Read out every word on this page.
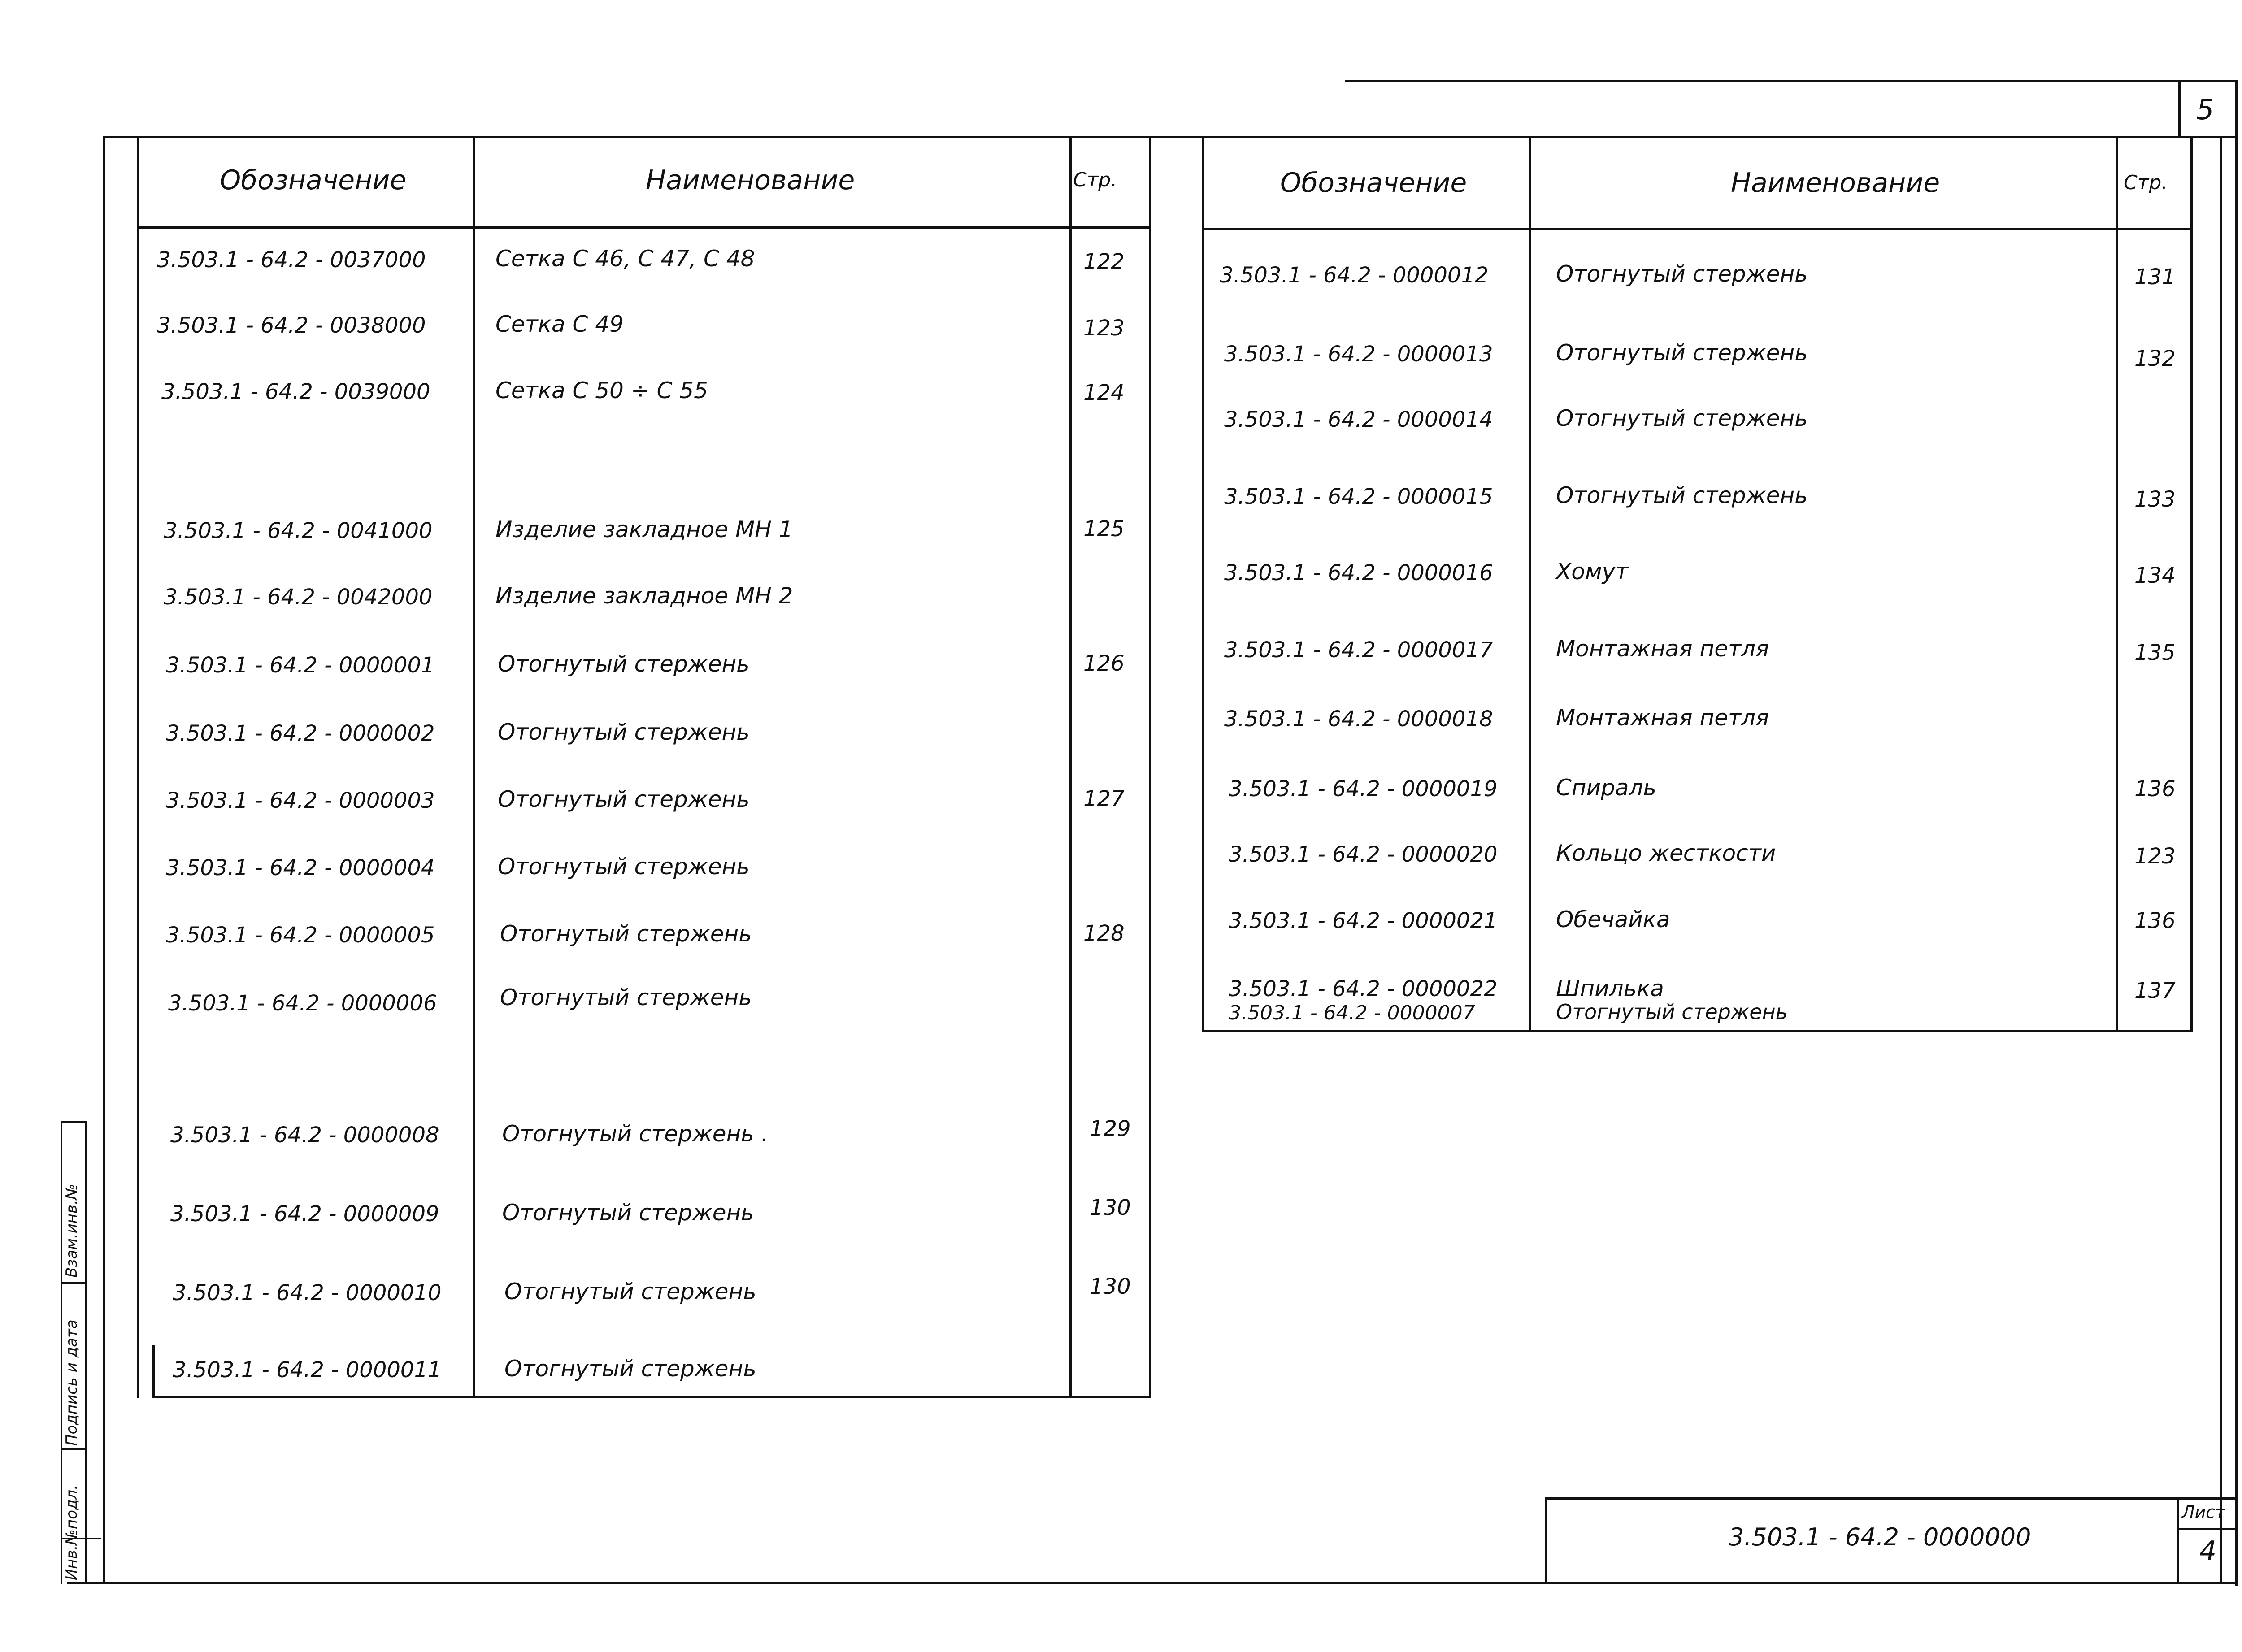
5
Взам.инв.№
Подпись и дата
Инв.№подл.
Обозначение	Наименование	Стр.
3.503.1 - 64.2 - 0037000	Сетка С 46, С 47, С 48	122
3.503.1 - 64.2 - 0038000	Сетка С 49	123
3.503.1 - 64.2 - 0039000	Сетка С 50 ÷ С 55	124
3.503.1 - 64.2 - 0041000	Изделие закладное МН 1	125
3.503.1 - 64.2 - 0042000	Изделие закладное МН 2
3.503.1 - 64.2 - 0000001	Отогнутый стержень	126
3.503.1 - 64.2 - 0000002	Отогнутый стержень
3.503.1 - 64.2 - 0000003	Отогнутый стержень	127
3.503.1 - 64.2 - 0000004	Отогнутый стержень
3.503.1 - 64.2 - 0000005	Отогнутый стержень	128
3.503.1 - 64.2 - 0000006	Отогнутый стержень
3.503.1 - 64.2 - 0000008	Отогнутый стержень .	129
3.503.1 - 64.2 - 0000009	Отогнутый стержень	130
3.503.1 - 64.2 - 0000010	Отогнутый стержень	130
3.503.1 - 64.2 - 0000011	Отогнутый стержень
Обозначение	Наименование	Стр.
3.503.1 - 64.2 - 0000012	Отогнутый стержень	131
3.503.1 - 64.2 - 0000013	Отогнутый стержень	132
3.503.1 - 64.2 - 0000014	Отогнутый стержень
3.503.1 - 64.2 - 0000015	Отогнутый стержень	133
3.503.1 - 64.2 - 0000016	Хомут	134
3.503.1 - 64.2 - 0000017	Монтажная петля	135
3.503.1 - 64.2 - 0000018	Монтажная петля
3.503.1 - 64.2 - 0000019	Спираль	136
3.503.1 - 64.2 - 0000020	Кольцо жесткости	123
3.503.1 - 64.2 - 0000021	Обечайка	136
3.503.1 - 64.2 - 0000022	Шпилька	137
3.503.1 - 64.2 - 0000007	Отогнутый стержень
3.503.1 - 64.2 - 0000000
Лист
4
